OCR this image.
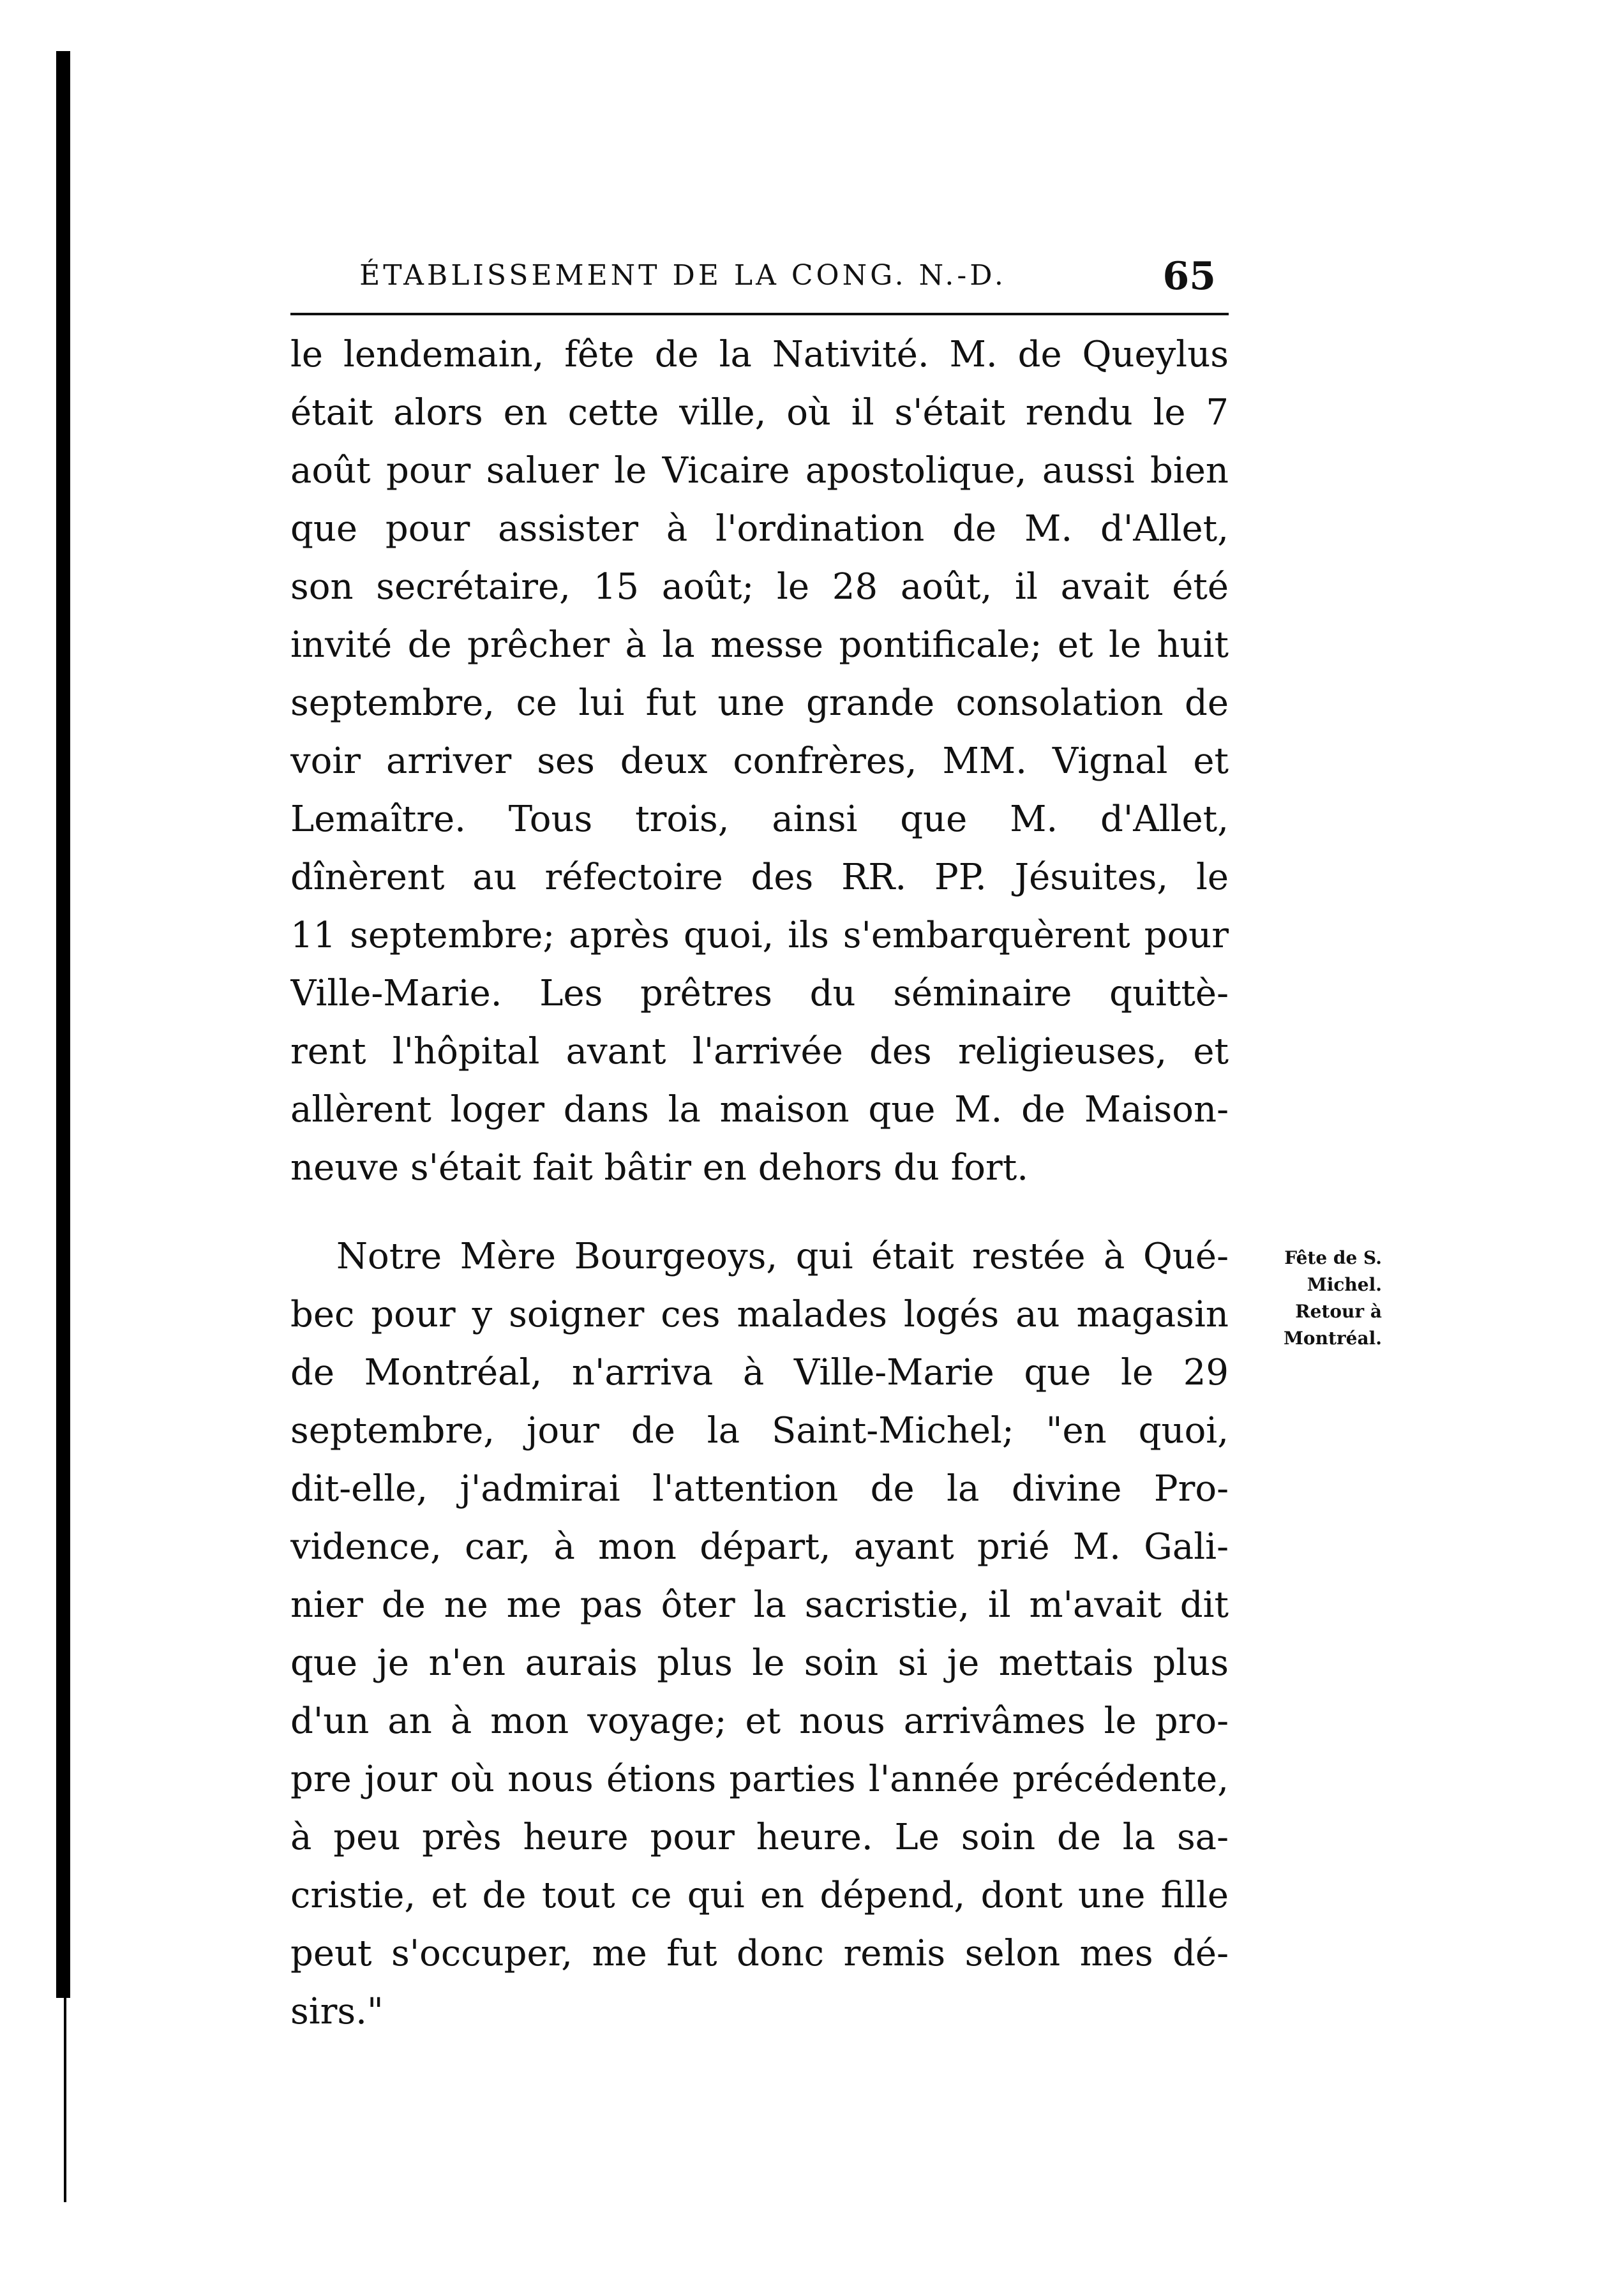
ÉTABLISSEMENT DE LA CONG. N.-D.	65
le lendemain, fête de la Nativité. M. de Queylus
était alors en cette ville, où il s'était rendu le 7
août pour saluer le Vicaire apostolique, aussi bien
que pour assister à l'ordination de M. d'Allet,
son secrétaire, 15 août; le 28 août, il avait été
invité de prêcher à la messe pontificale; et le huit
septembre, ce lui fut une grande consolation de
voir arriver ses deux confrères, MM. Vignal et
Lemaître. Tous trois, ainsi que M. d'Allet,
dînèrent au réfectoire des RR. PP. Jésuites, le
11 septembre; après quoi, ils s'embarquèrent pour
Ville-Marie. Les prêtres du séminaire quittè-
rent l'hôpital avant l'arrivée des religieuses, et
allèrent loger dans la maison que M. de Maison-
neuve s'était fait bâtir en dehors du fort.
Notre Mère Bourgeoys, qui était restée à Qué-
bec pour y soigner ces malades logés au magasin
de Montréal, n'arriva à Ville-Marie que le 29
septembre, jour de la Saint-Michel; "en quoi,
dit-elle, j'admirai l'attention de la divine Pro-
vidence, car, à mon départ, ayant prié M. Gali-
nier de ne me pas ôter la sacristie, il m'avait dit
que je n'en aurais plus le soin si je mettais plus
d'un an à mon voyage; et nous arrivâmes le pro-
pre jour où nous étions parties l'année précédente,
à peu près heure pour heure. Le soin de la sa-
cristie, et de tout ce qui en dépend, dont une fille
peut s'occuper, me fut donc remis selon mes dé-
sirs."
Fête de S.
Michel.
Retour à
Montréal.
